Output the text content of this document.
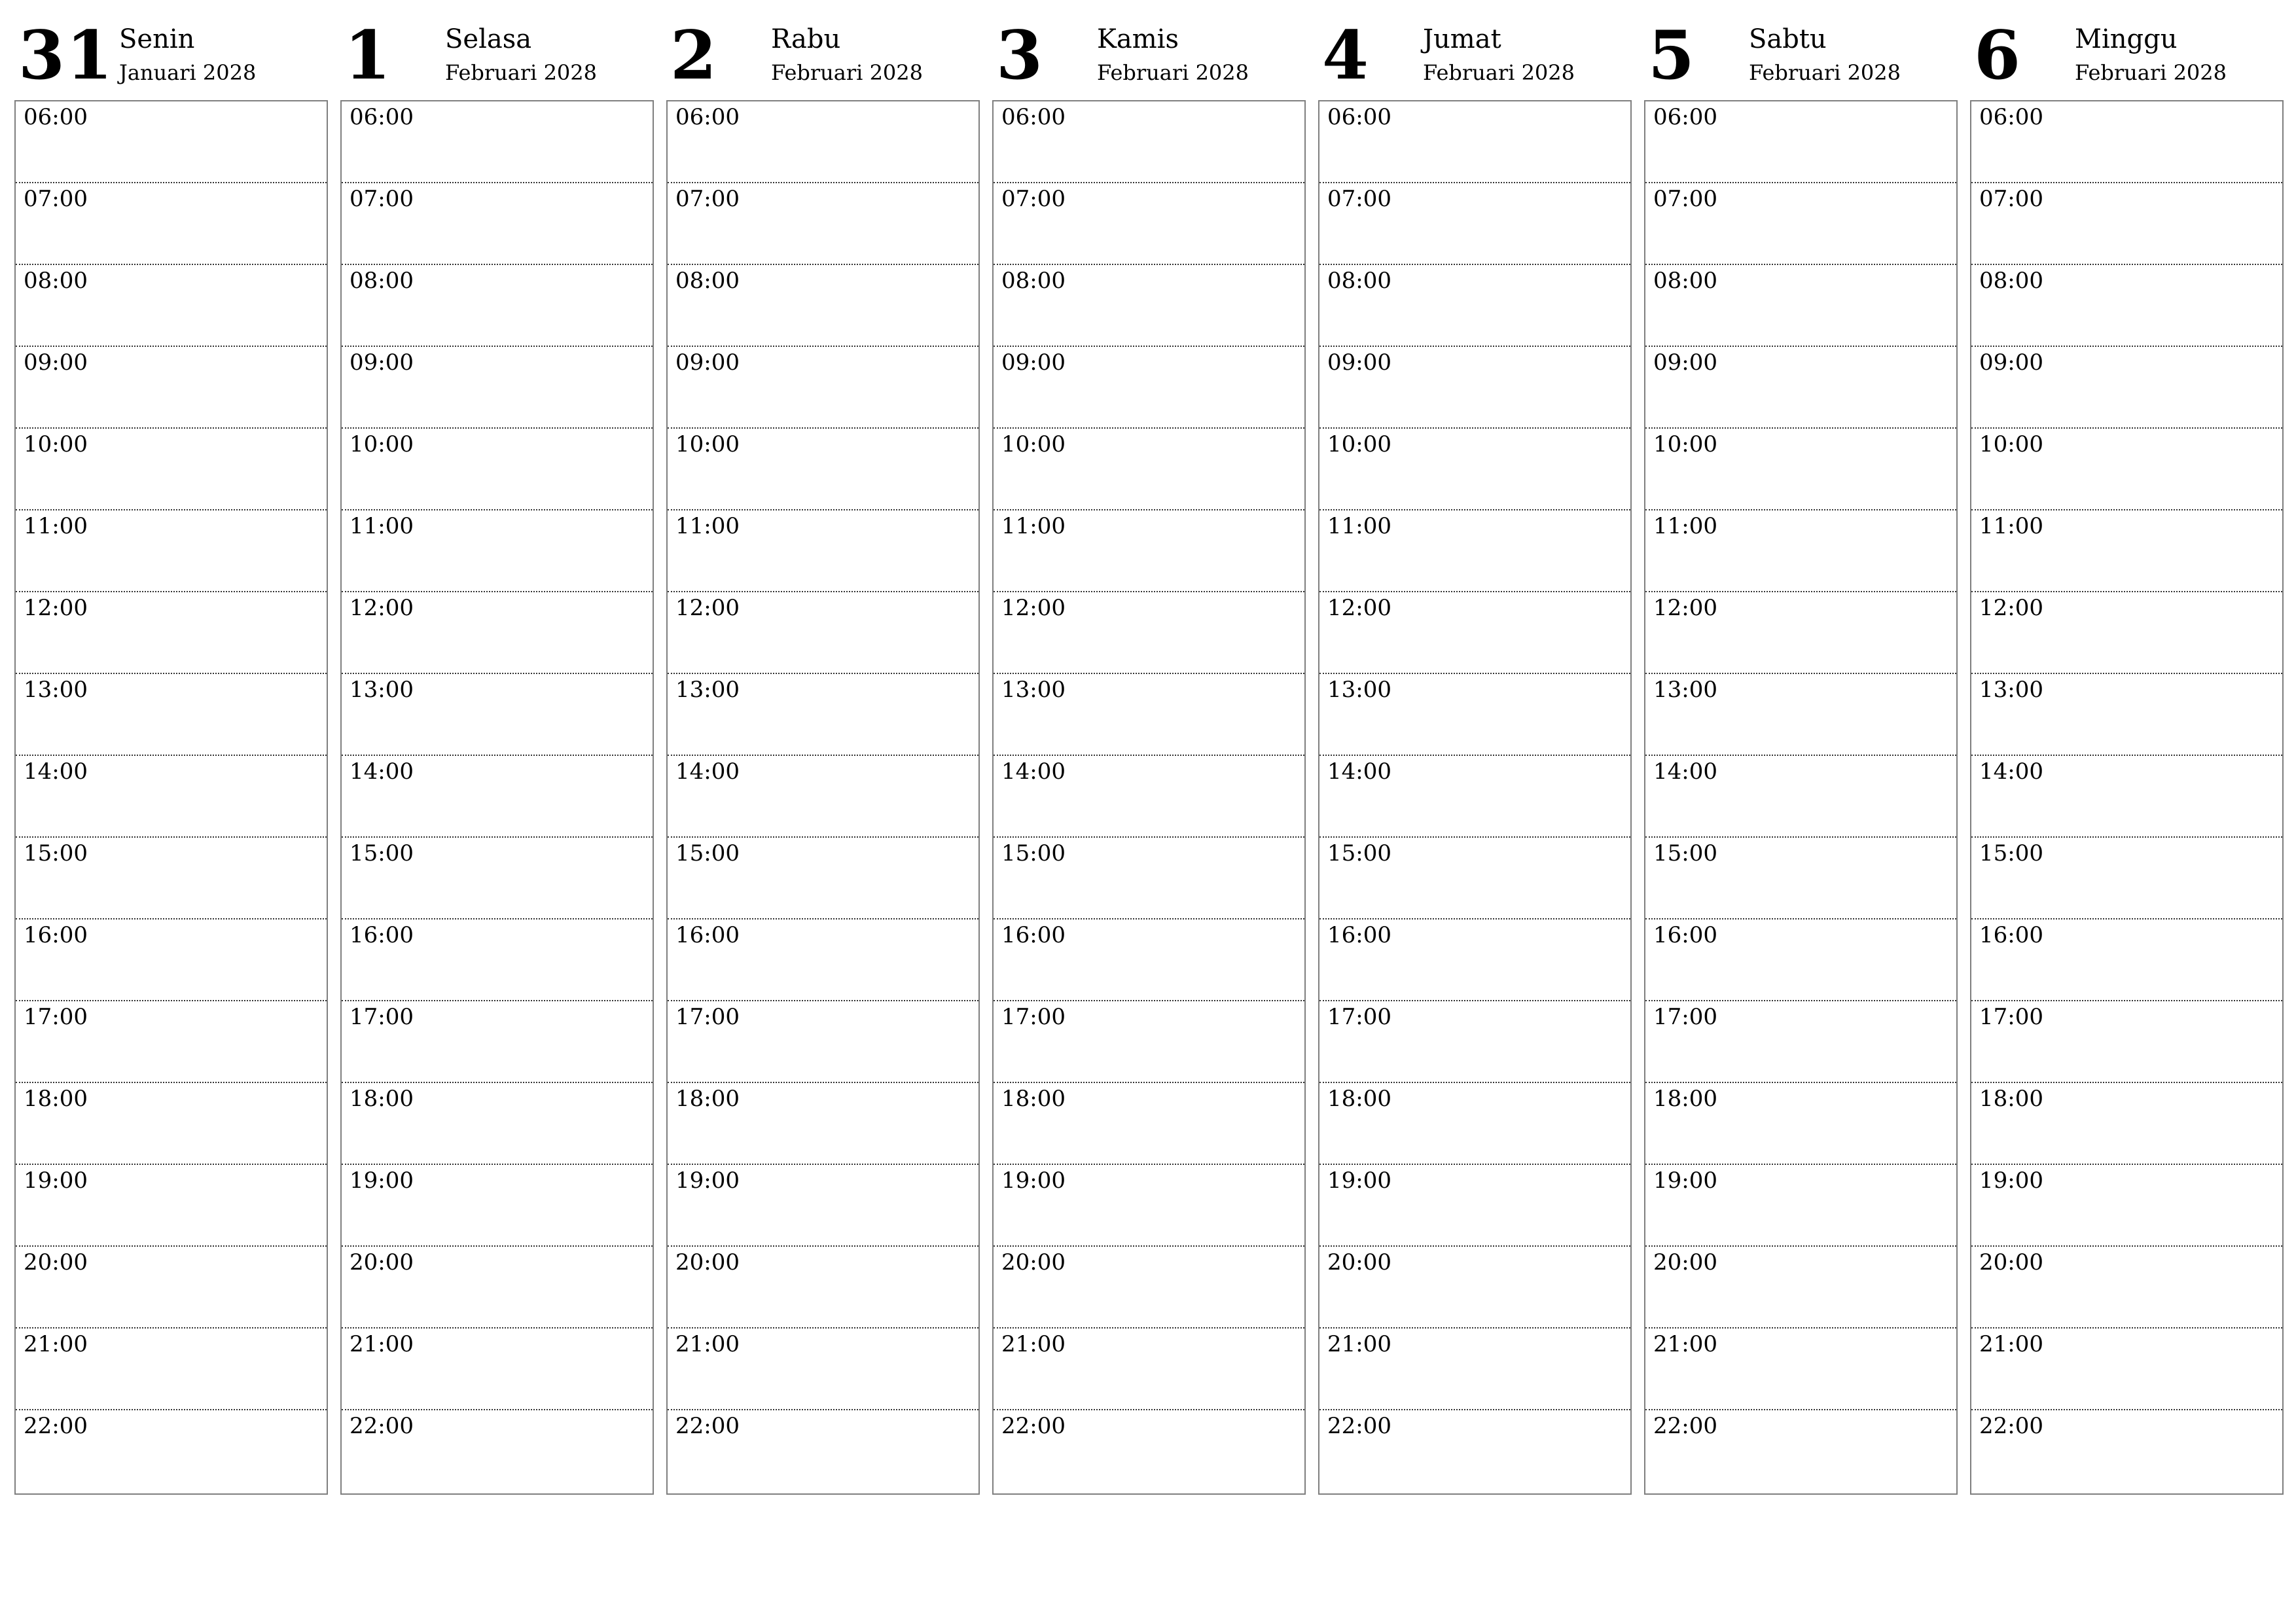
31 Senin
Januari 2028
06:00
07:00
08:00
09:00
10:00
11:00
12:00
13:00
14:00
15:00
16:00
17:00
18:00
19:00
20:00
21:00
22:00
1 Selasa
Februari 2028
06:00
07:00
08:00
09:00
10:00
11:00
12:00
13:00
14:00
15:00
16:00
17:00
18:00
19:00
20:00
21:00
22:00
2 Rabu
Februari 2028
06:00
07:00
08:00
09:00
10:00
11:00
12:00
13:00
14:00
15:00
16:00
17:00
18:00
19:00
20:00
21:00
22:00
3 Kamis
Februari 2028
06:00
07:00
08:00
09:00
10:00
11:00
12:00
13:00
14:00
15:00
16:00
17:00
18:00
19:00
20:00
21:00
22:00
4 Jumat
Februari 2028
06:00
07:00
08:00
09:00
10:00
11:00
12:00
13:00
14:00
15:00
16:00
17:00
18:00
19:00
20:00
21:00
22:00
5 Sabtu
Februari 2028
06:00
07:00
08:00
09:00
10:00
11:00
12:00
13:00
14:00
15:00
16:00
17:00
18:00
19:00
20:00
21:00
22:00
6 Minggu
Februari 2028
06:00
07:00
08:00
09:00
10:00
11:00
12:00
13:00
14:00
15:00
16:00
17:00
18:00
19:00
20:00
21:00
22:00
